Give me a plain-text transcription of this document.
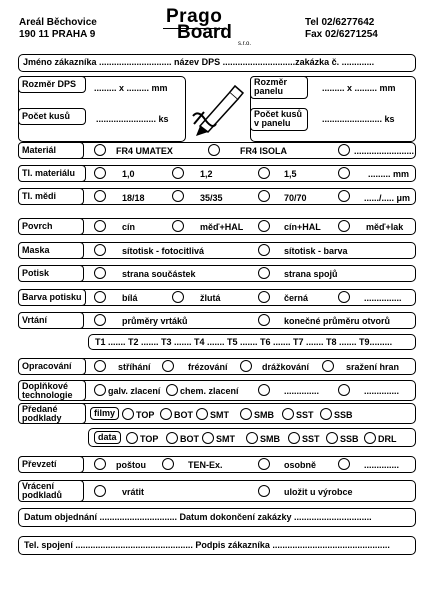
Areál Běchovice
190 11 PRAHA 9
Prago
Board
s.r.o.
Tel 02/6277642
Fax 02/6271254
Jméno zákazníka ............................. název DPS .............................zakázka č. .............
Rozměr DPS	......... x ......... mm
Počet kusů	........................ ks
Rozměr panelu	......... x ......... mm
Počet kusů v panelu	........................ ks
Materiál	FR4 UMATEX	FR4 ISOLA	........................
Tl. materiálu	1,0	1,2	1,5	......... mm
Tl. mědi	18/18	35/35	70/70	....../..... μm
Povrch	cín	měď+HAL	cín+HAL	měď+lak
Maska	sítotisk - fotocitlivá	sítotisk - barva
Potisk	strana součástek	strana spojů
Barva potisku	bílá	žlutá	černá	...............
Vrtání	průměry vrtáků	konečné průměru otvorů
T1 ....... T2 ....... T3 ....... T4 ....... T5 ....... T6 ....... T7 ....... T8 ....... T9.........
Opracování	stříhání	frézování	drážkování	sražení hran
Doplňkové technologie	galv. zlacení chem. zlacení	..............	..............
Předané podklady	filmy	TOP BOT SMT	SMB SST SSB
data	TOP BOT SMT	SMB SST SSB DRL
Převzetí	poštou	TEN-Ex.	osobně	..............
Vrácení podkladů	vrátit	uložit u výrobce
Datum objednání ............................... Datum dokončení zakázky ...............................
Tel. spojení ............................................... Podpis zákazníka ...............................................
